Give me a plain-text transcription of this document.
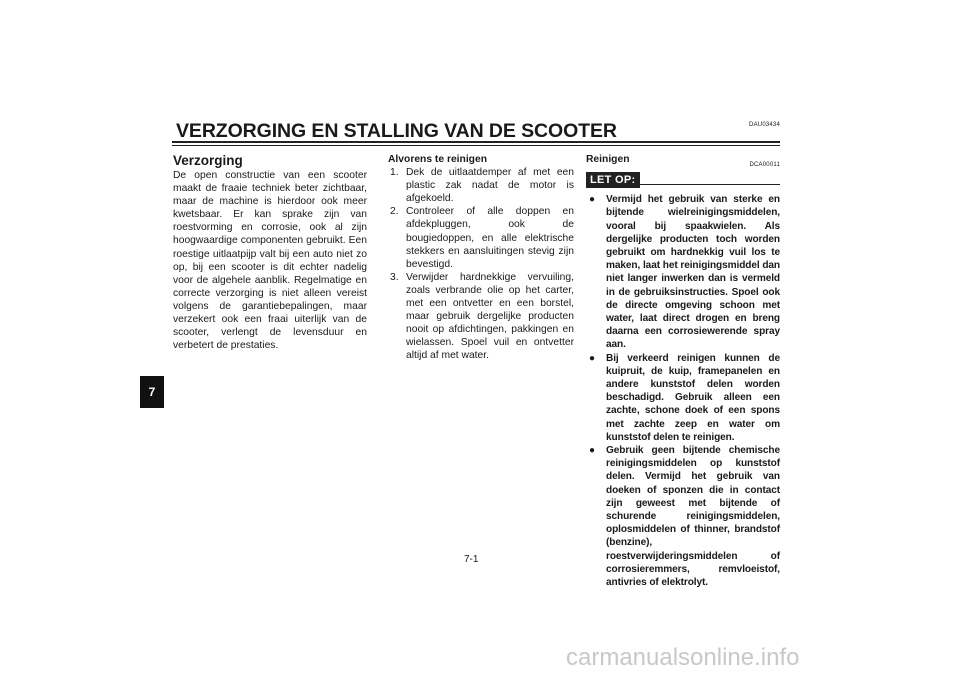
VERZORGING EN STALLING VAN DE SCOOTER	DAU03434
7
Verzorging
De open constructie van een scooter maakt de fraaie techniek beter zichtbaar, maar de machine is hierdoor ook meer kwetsbaar. Er kan sprake zijn van roestvorming en corrosie, ook al zijn hoogwaardige componenten gebruikt. Een roestige uitlaatpijp valt bij een auto niet zo op, bij een scooter is dit echter nadelig voor de algehele aanblik. Regelmatige en correcte verzorging is niet alleen vereist volgens de garantiebepalingen, maar verzekert ook een fraai uiterlijk van de scooter, verlengt de levensduur en verbetert de prestaties.
Alvorens te reinigen
1. Dek de uitlaatdemper af met een plastic zak nadat de motor is afgekoeld.
2. Controleer of alle doppen en afdekpluggen, ook de bougiedoppen, en alle elektrische stekkers en aansluitingen stevig zijn bevestigd.
3. Verwijder hardnekkige vervuiling, zoals verbrande olie op het carter, met een ontvetter en een borstel, maar gebruik dergelijke producten nooit op afdichtingen, pakkingen en wielassen. Spoel vuil en ontvetter altijd af met water.
Reinigen
DCA00011
LET OP:
● Vermijd het gebruik van sterke en bijtende wielreinigingsmiddelen, vooral bij spaakwielen. Als dergelijke producten toch worden gebruikt om hardnekkig vuil los te maken, laat het reinigingsmiddel dan niet langer inwerken dan is vermeld in de gebruiksinstructies. Spoel ook de directe omgeving schoon met water, laat direct drogen en breng daarna een corrosiewerende spray aan.
● Bij verkeerd reinigen kunnen de kuipruit, de kuip, framepanelen en andere kunststof delen worden beschadigd. Gebruik alleen een zachte, schone doek of een spons met zachte zeep en water om kunststof delen te reinigen.
● Gebruik geen bijtende chemische reinigingsmiddelen op kunststof delen. Vermijd het gebruik van doeken of sponzen die in contact zijn geweest met bijtende of schurende reinigingsmiddelen, oplosmiddelen of thinner, brandstof (benzine), roestverwijderingsmiddelen of corrosieremmers, remvloeistof, antivries of elektrolyt.
7-1
carmanualsonline.info
